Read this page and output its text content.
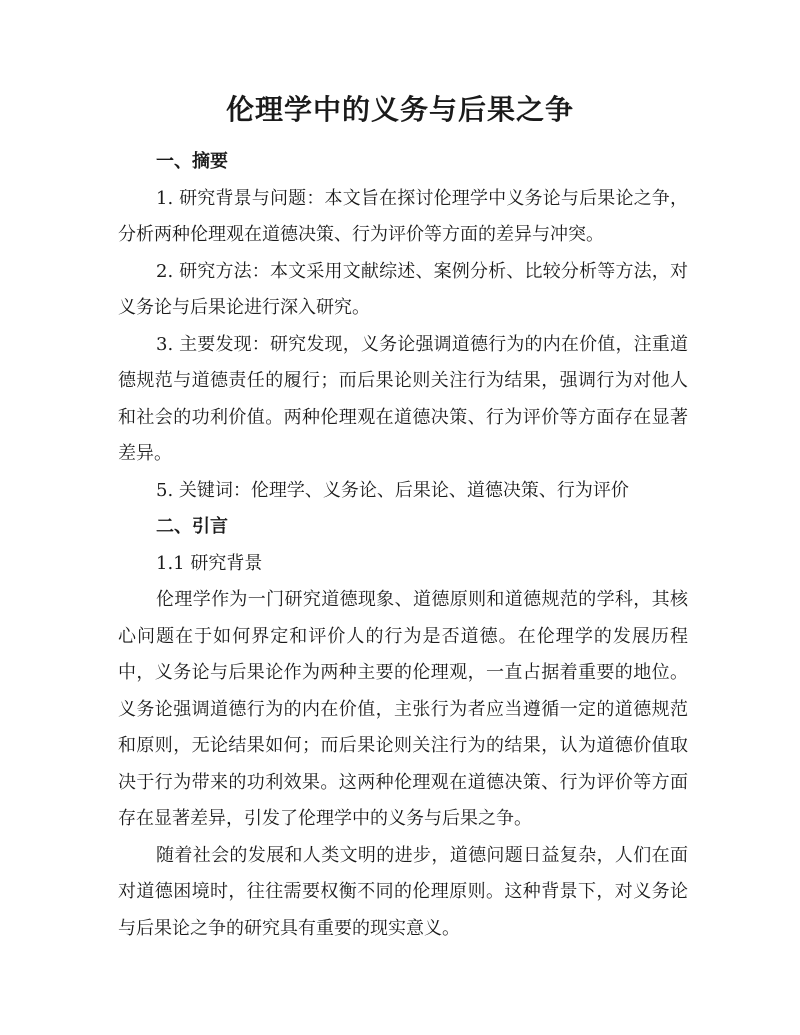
伦理学中的义务与后果之争

一、摘要

1. 研究背景与问题：本文旨在探讨伦理学中义务论与后果论之争，分析两种伦理观在道德决策、行为评价等方面的差异与冲突。

2. 研究方法：本文采用文献综述、案例分析、比较分析等方法，对义务论与后果论进行深入研究。

3. 主要发现：研究发现，义务论强调道德行为的内在价值，注重道德规范与道德责任的履行；而后果论则关注行为结果，强调行为对他人和社会的功利价值。两种伦理观在道德决策、行为评价等方面存在显著差异。

5. 关键词：伦理学、义务论、后果论、道德决策、行为评价

二、引言

1.1 研究背景

伦理学作为一门研究道德现象、道德原则和道德规范的学科，其核心问题在于如何界定和评价人的行为是否道德。在伦理学的发展历程中，义务论与后果论作为两种主要的伦理观，一直占据着重要的地位。义务论强调道德行为的内在价值，主张行为者应当遵循一定的道德规范和原则，无论结果如何；而后果论则关注行为的结果，认为道德价值取决于行为带来的功利效果。这两种伦理观在道德决策、行为评价等方面存在显著差异，引发了伦理学中的义务与后果之争。

随着社会的发展和人类文明的进步，道德问题日益复杂，人们在面对道德困境时，往往需要权衡不同的伦理原则。这种背景下，对义务论与后果论之争的研究具有重要的现实意义。
